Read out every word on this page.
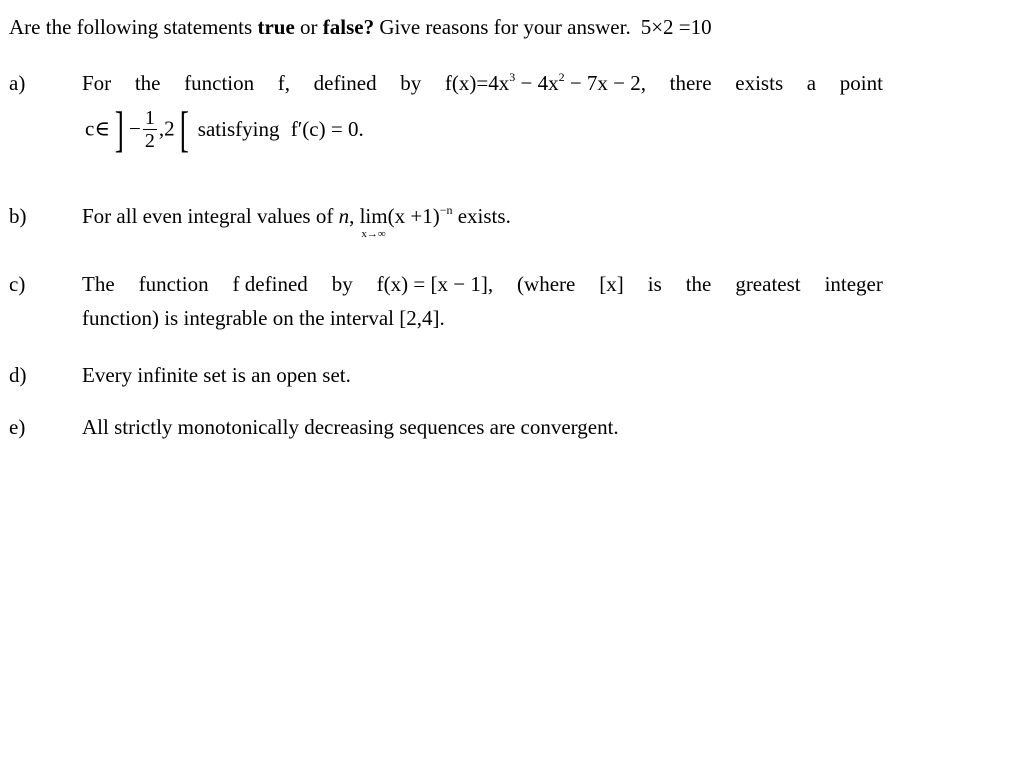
Are the following statements true or false? Give reasons for your answer. 5×2 =10
a)	For the function f, defined by $f(x)=4x^3 - 4x^2 - 7x - 2$, there exists a point
c∈ ] − $\frac{1}{2} ,2$ [ satisfying f′(c) = 0.
b)	For all even integral values of n, lim
x→∞
$(x +1)^{-n}$ exists.
c)	The function f defined by f(x) = [x − 1], (where [x] is the greatest integer
function) is integrable on the interval [2,4].
d)	Every infinite set is an open set.
e)	All strictly monotonically decreasing sequences are convergent.
